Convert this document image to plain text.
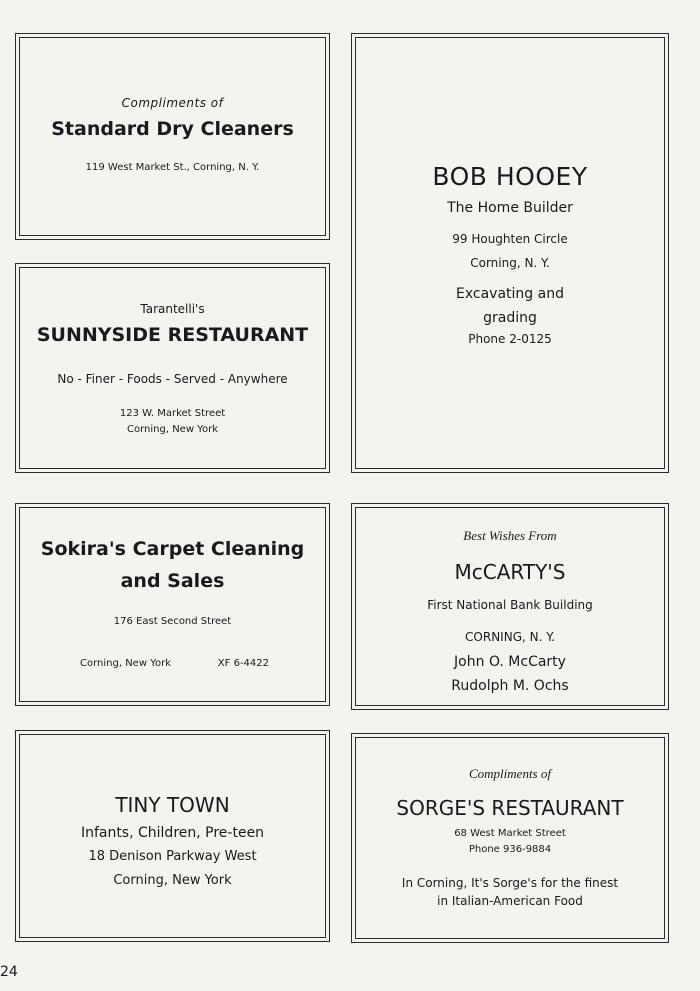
Compliments of

Standard Dry Cleaners

119 West Market St., Corning, N. Y.	BOB HOOEY

The Home Builder

99 Houghten Circle

Corning, N. Y.

Excavating and

grading

Phone 2-0125

Tarantelli's

SUNNYSIDE RESTAURANT

No - Finer - Foods - Served - Anywhere

123 W. Market Street

Corning, New York

Sokira's Carpet Cleaning

and Sales

176 East Second Street

Corning, New York	XF 6-4422

Best Wishes From

McCARTY'S

First National Bank Building

CORNING, N. Y.

John O. McCarty

Rudolph M. Ochs

TINY TOWN

Infants, Children, Pre-teen

18 Denison Parkway West

Corning, New York

Compliments of

SORGE'S RESTAURANT

68 West Market Street

Phone 936-9884

In Corning, It's Sorge's for the finest

in Italian-American Food

24
